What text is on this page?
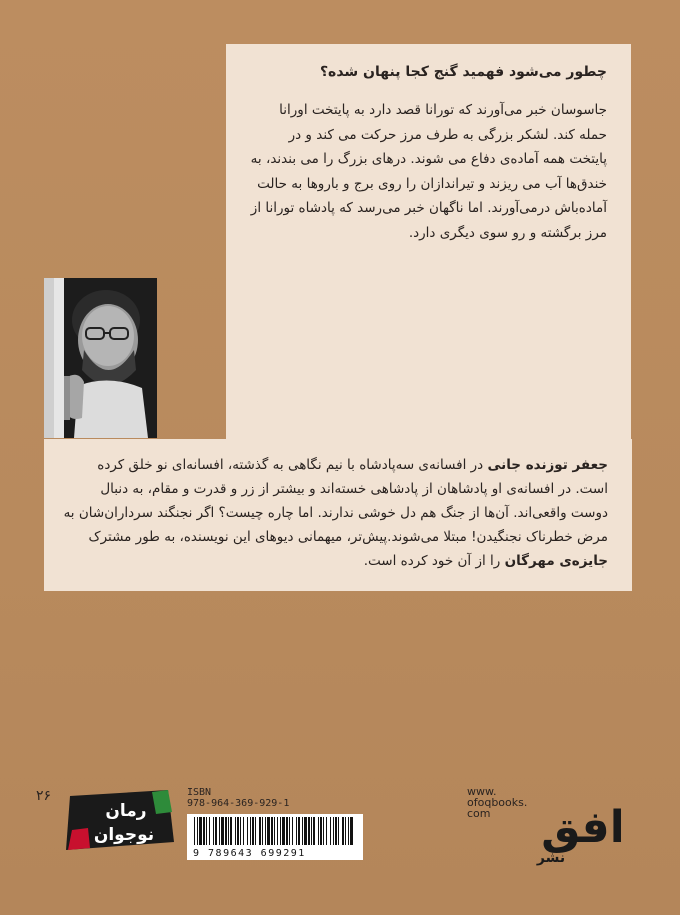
چطور می‌شود فهمید گنج کجا پنهان شده؟

جاسوسان خبر می‌آورند که تورانا قصد دارد به پایتخت اورانا حمله کند. لشکر بزرگی به طرف مرز حرکت می کند و در پایتخت همه آماده‌ی دفاع می شوند. درهای بزرگ را می بندند، به خندق‌ها آب می ریزند و تیراندازان را روی برج و باروها به حالت آماده‌باش درمی‌آورند. اما ناگهان خبر می‌رسد که پادشاه تورانا از مرز برگشته و رو سوی دیگری دارد.

جعفر توزنده جانی در افسانه‌ی سه‌پادشاه با نیم نگاهی به گذشته، افسانه‌ای نو خلق کرده است. در افسانه‌ی او پادشاهان از پادشاهی خسته‌اند و بیشتر از زر و قدرت و مقام، به دنبال دوست واقعی‌اند. آن‌ها از جنگ هم دل خوشی ندارند. اما چاره چیست؟ اگر نجنگند سرداران‌شان به مرض خطرناک نجنگیدن! مبتلا می‌شوند.پیش‌تر، میهمانی دیوهای این نویسنده، به طور مشترک جایزه‌ی مهرگان را از آن خود کرده است.

۲۶
رمان
نوجوان
ISBN
978-964-369-929-1
9 789643 699291
www.
ofoqbooks.
com	افق
نشر
